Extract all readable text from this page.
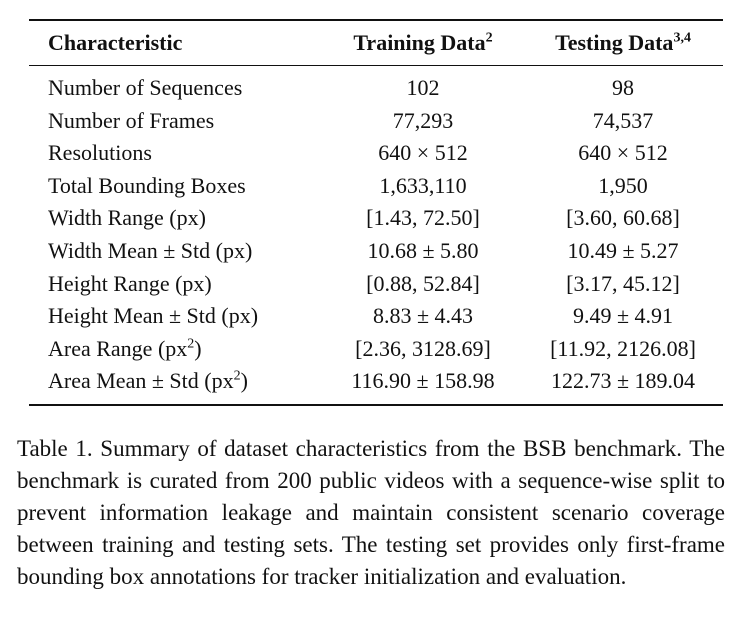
Characteristic	Training Data$^2$	Testing Data$^{3,4}$
Number of Sequences	102	98
Number of Frames	77,293	74,537
Resolutions	640 × 512	640 × 512
Total Bounding Boxes	1,633,110	1,950
Width Range (px)	[1.43, 72.50]	[3.60, 60.68]
Width Mean ± Std (px)	10.68 ± 5.80	10.49 ± 5.27
Height Range (px)	[0.88, 52.84]	[3.17, 45.12]
Height Mean ± Std (px)	8.83 ± 4.43	9.49 ± 4.91
Area Range $(px^2)$	[2.36, 3128.69]	[11.92, 2126.08]
Area Mean ± Std $(px^2)$	116.90 ± 158.98	122.73 ± 189.04

Table 1. Summary of dataset characteristics from the BSB benchmark. The benchmark is curated from 200 public videos with a sequence-wise split to prevent information leakage and maintain consistent scenario coverage between training and testing sets. The testing set provides only first-frame bounding box annotations for tracker initialization and evaluation.
